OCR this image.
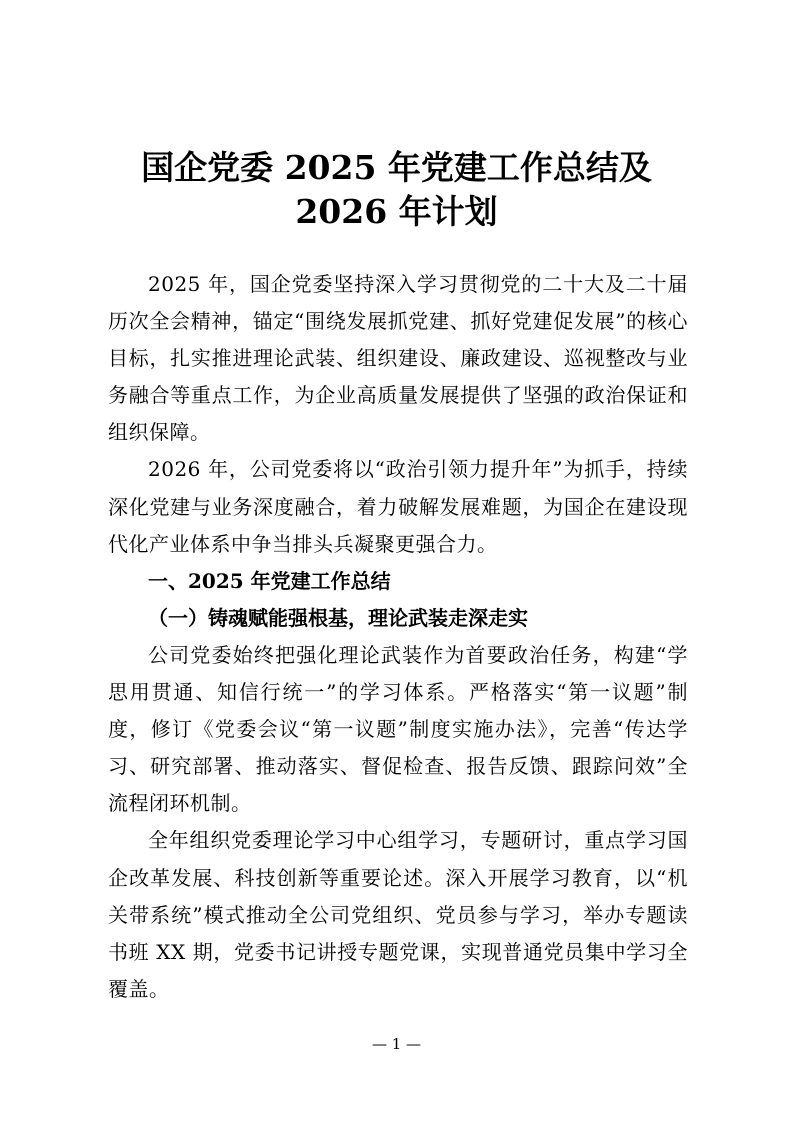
国企党委 2025 年党建工作总结及 2026 年计划

2025 年，国企党委坚持深入学习贯彻党的二十大及二十届历次全会精神，锚定“围绕发展抓党建、抓好党建促发展”的核心目标，扎实推进理论武装、组织建设、廉政建设、巡视整改与业务融合等重点工作，为企业高质量发展提供了坚强的政治保证和组织保障。

2026 年，公司党委将以“政治引领力提升年”为抓手，持续深化党建与业务深度融合，着力破解发展难题，为国企在建设现代化产业体系中争当排头兵凝聚更强合力。

一、2025 年党建工作总结

（一）铸魂赋能强根基，理论武装走深走实

公司党委始终把强化理论武装作为首要政治任务，构建“学思用贯通、知信行统一”的学习体系。严格落实“第一议题”制度，修订《党委会议“第一议题”制度实施办法》，完善“传达学习、研究部署、推动落实、督促检查、报告反馈、跟踪问效”全流程闭环机制。

全年组织党委理论学习中心组学习，专题研讨，重点学习国企改革发展、科技创新等重要论述。深入开展学习教育，以“机关带系统”模式推动全公司党组织、党员参与学习，举办专题读书班 XX 期，党委书记讲授专题党课，实现普通党员集中学习全覆盖。

— 1 —
